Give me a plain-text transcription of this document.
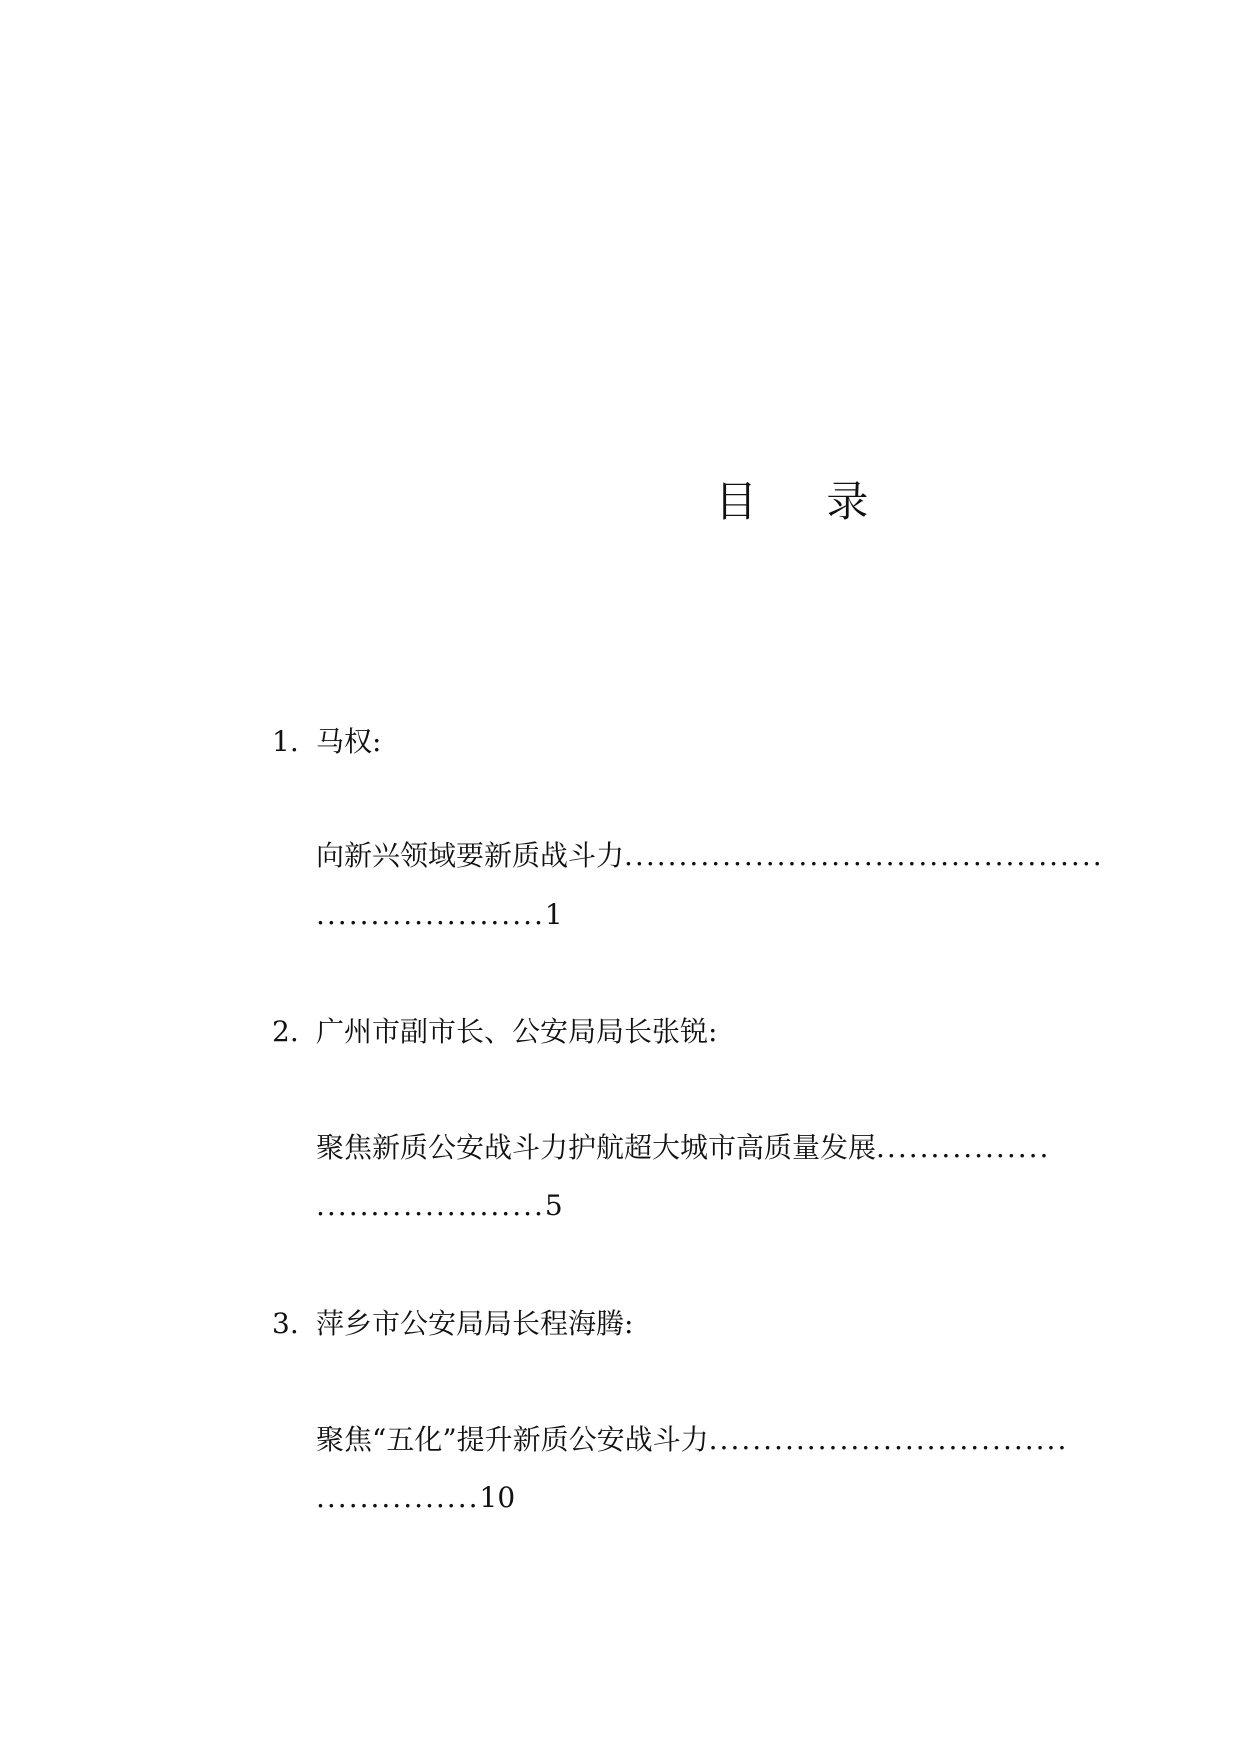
目 录
1. 马权:
向新兴领域要新质战斗力............................................
.....................1
2. 广州市副市长、公安局局长张锐:
聚焦新质公安战斗力护航超大城市高质量发展................
.....................5
3. 萍乡市公安局局长程海腾:
聚焦“五化”提升新质公安战斗力.................................
...............10
